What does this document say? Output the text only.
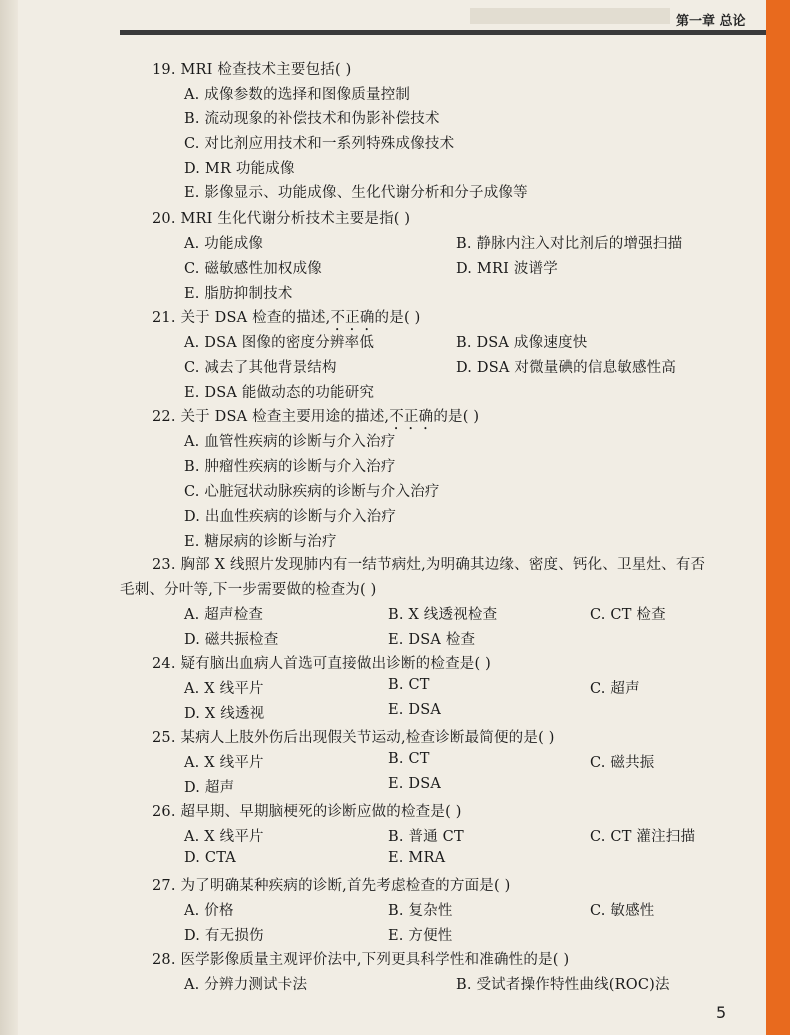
第一章 总论
19. MRI 检查技术主要包括( )
A. 成像参数的选择和图像质量控制
B. 流动现象的补偿技术和伪影补偿技术
C. 对比剂应用技术和一系列特殊成像技术
D. MR 功能成像
E. 影像显示、功能成像、生化代谢分析和分子成像等
20. MRI 生化代谢分析技术主要是指( )
A. 功能成像	B. 静脉内注入对比剂后的增强扫描
C. 磁敏感性加权成像	D. MRI 波谱学
E. 脂肪抑制技术
21. 关于 DSA 检查的描述,不正确的是( )
A. DSA 图像的密度分辨率低	B. DSA 成像速度快
C. 减去了其他背景结构	D. DSA 对微量碘的信息敏感性高
E. DSA 能做动态的功能研究
22. 关于 DSA 检查主要用途的描述,不正确的是( )
A. 血管性疾病的诊断与介入治疗
B. 肿瘤性疾病的诊断与介入治疗
C. 心脏冠状动脉疾病的诊断与介入治疗
D. 出血性疾病的诊断与介入治疗
E. 糖尿病的诊断与治疗
23. 胸部 X 线照片发现肺内有一结节病灶,为明确其边缘、密度、钙化、卫星灶、有否
毛刺、分叶等,下一步需要做的检查为( )
A. 超声检查	B. X 线透视检查	C. CT 检查
D. 磁共振检查	E. DSA 检查
24. 疑有脑出血病人首选可直接做出诊断的检查是( )
A. X 线平片	B. CT	C. 超声
D. X 线透视	E. DSA
25. 某病人上肢外伤后出现假关节运动,检查诊断最简便的是( )
A. X 线平片	B. CT	C. 磁共振
D. 超声	E. DSA
26. 超早期、早期脑梗死的诊断应做的检查是( )
A. X 线平片	B. 普通 CT	C. CT 灌注扫描
D. CTA	E. MRA
27. 为了明确某种疾病的诊断,首先考虑检查的方面是( )
A. 价格	B. 复杂性	C. 敏感性
D. 有无损伤	E. 方便性
28. 医学影像质量主观评价法中,下列更具科学性和准确性的是( )
A. 分辨力测试卡法	B. 受试者操作特性曲线(ROC)法
5
